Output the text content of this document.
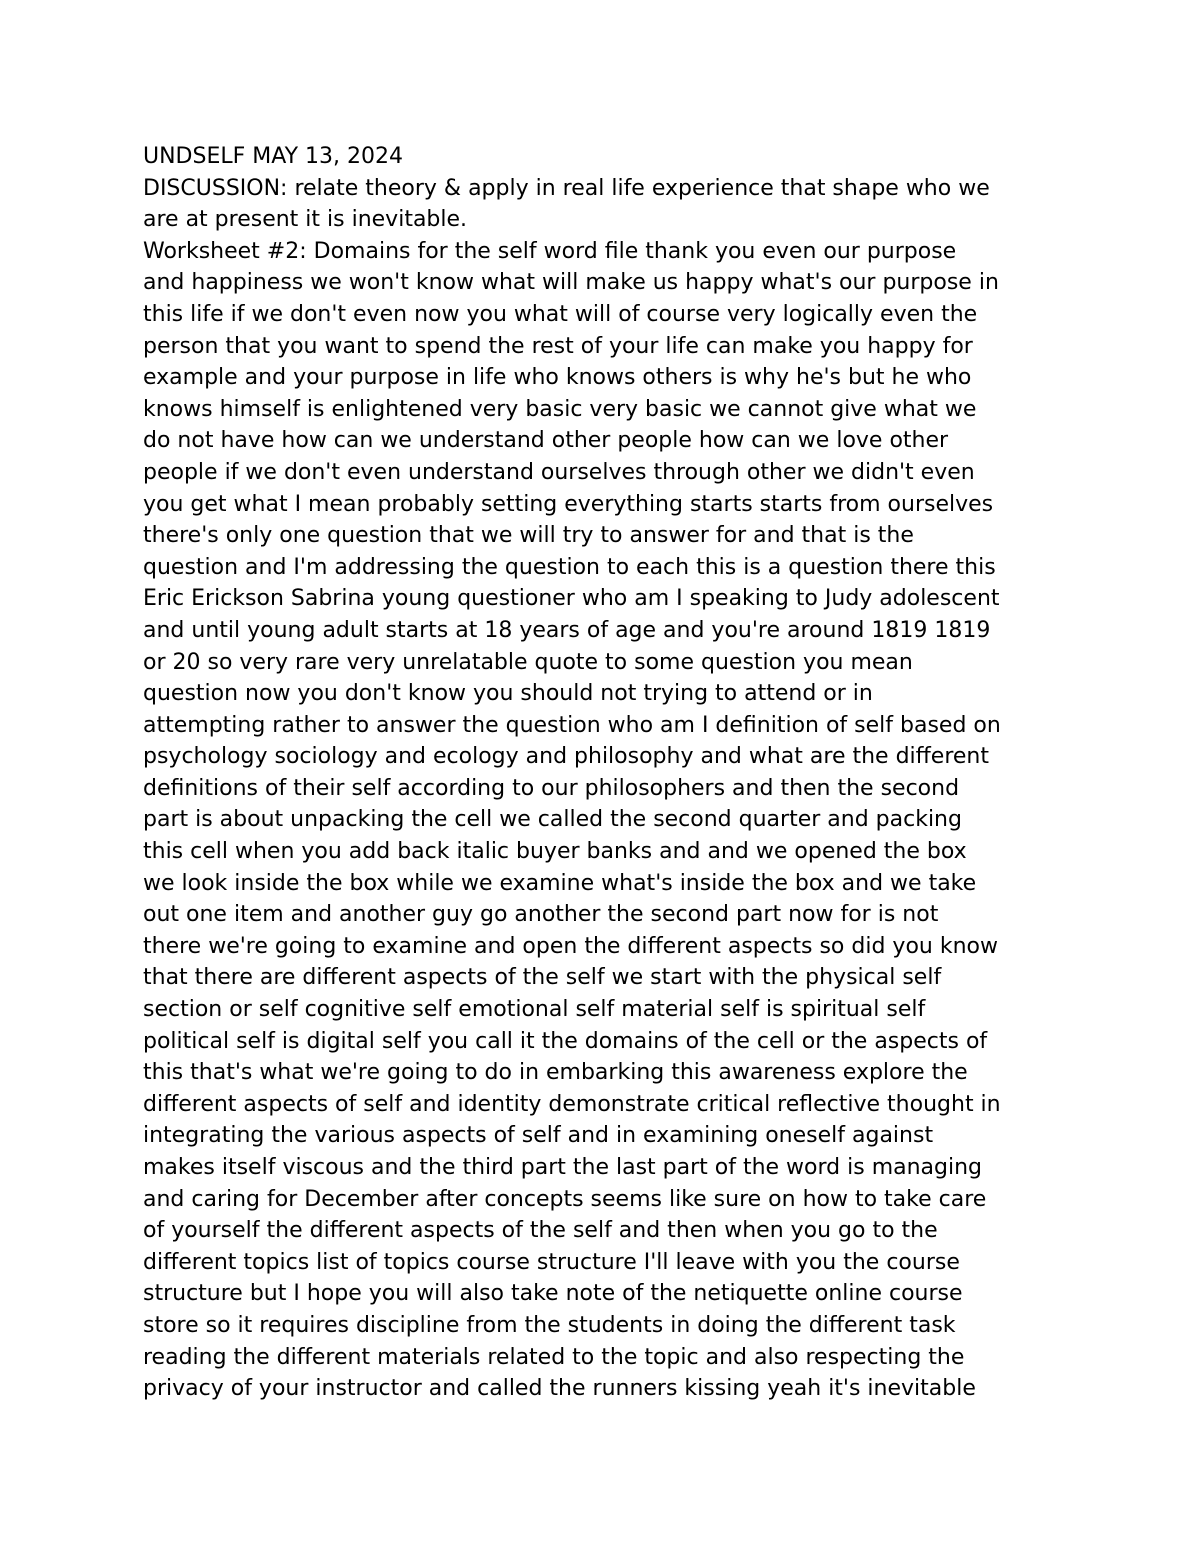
UNDSELF MAY 13, 2024
DISCUSSION: relate theory & apply in real life experience that shape who we
are at present it is inevitable.
Worksheet #2: Domains for the self word file thank you even our purpose
and happiness we won't know what will make us happy what's our purpose in
this life if we don't even now you what will of course very logically even the
person that you want to spend the rest of your life can make you happy for
example and your purpose in life who knows others is why he's but he who
knows himself is enlightened very basic very basic we cannot give what we
do not have how can we understand other people how can we love other
people if we don't even understand ourselves through other we didn't even
you get what I mean probably setting everything starts starts from ourselves
there's only one question that we will try to answer for and that is the
question and I'm addressing the question to each this is a question there this
Eric Erickson Sabrina young questioner who am I speaking to Judy adolescent
and until young adult starts at 18 years of age and you're around 1819 1819
or 20 so very rare very unrelatable quote to some question you mean
question now you don't know you should not trying to attend or in
attempting rather to answer the question who am I definition of self based on
psychology sociology and ecology and philosophy and what are the different
definitions of their self according to our philosophers and then the second
part is about unpacking the cell we called the second quarter and packing
this cell when you add back italic buyer banks and and we opened the box
we look inside the box while we examine what's inside the box and we take
out one item and another guy go another the second part now for is not
there we're going to examine and open the different aspects so did you know
that there are different aspects of the self we start with the physical self
section or self cognitive self emotional self material self is spiritual self
political self is digital self you call it the domains of the cell or the aspects of
this that's what we're going to do in embarking this awareness explore the
different aspects of self and identity demonstrate critical reflective thought in
integrating the various aspects of self and in examining oneself against
makes itself viscous and the third part the last part of the word is managing
and caring for December after concepts seems like sure on how to take care
of yourself the different aspects of the self and then when you go to the
different topics list of topics course structure I'll leave with you the course
structure but I hope you will also take note of the netiquette online course
store so it requires discipline from the students in doing the different task
reading the different materials related to the topic and also respecting the
privacy of your instructor and called the runners kissing yeah it's inevitable
